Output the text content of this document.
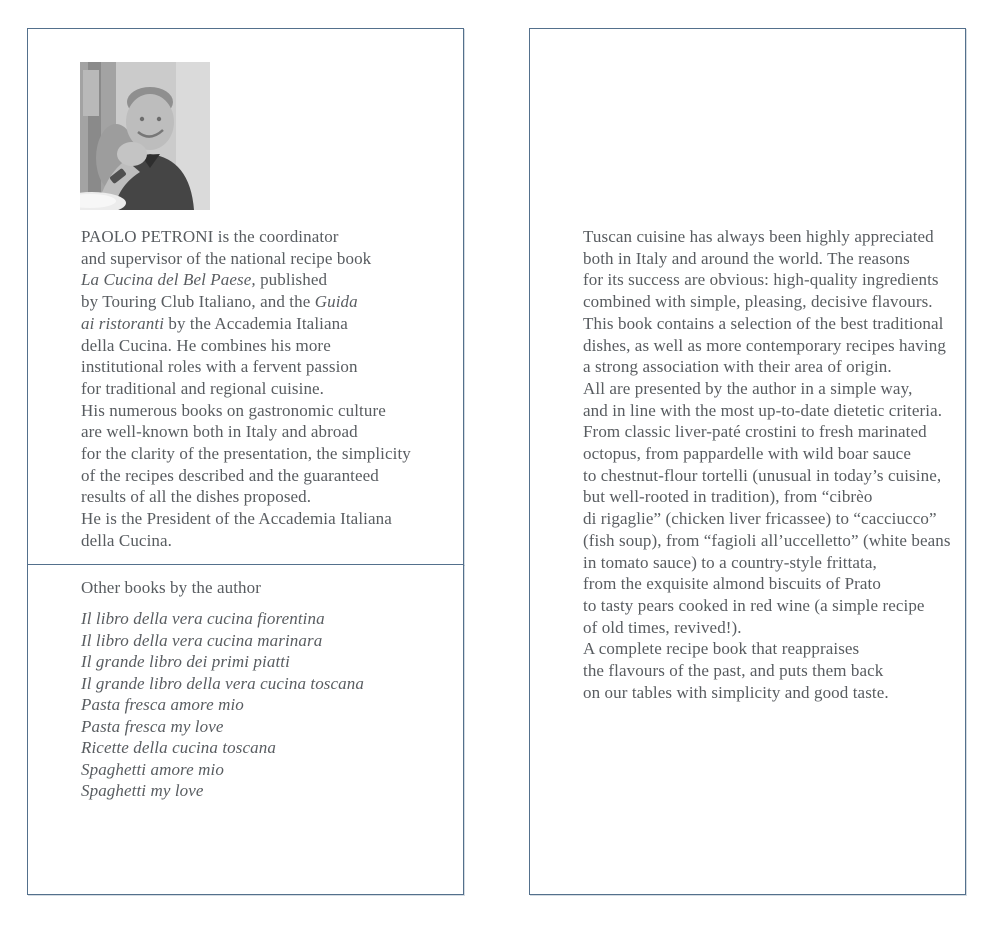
PAOLO PETRONI is the coordinator
and supervisor of the national recipe book
La Cucina del Bel Paese, published
by Touring Club Italiano, and the Guida
ai ristoranti by the Accademia Italiana
della Cucina. He combines his more
institutional roles with a fervent passion
for traditional and regional cuisine.
His numerous books on gastronomic culture
are well-known both in Italy and abroad
for the clarity of the presentation, the simplicity
of the recipes described and the guaranteed
results of all the dishes proposed.
He is the President of the Accademia Italiana
della Cucina.
Other books by the author
Il libro della vera cucina fiorentina
Il libro della vera cucina marinara
Il grande libro dei primi piatti
Il grande libro della vera cucina toscana
Pasta fresca amore mio
Pasta fresca my love
Ricette della cucina toscana
Spaghetti amore mio
Spaghetti my love
Tuscan cuisine has always been highly appreciated
both in Italy and around the world. The reasons
for its success are obvious: high-quality ingredients
combined with simple, pleasing, decisive flavours.
This book contains a selection of the best traditional
dishes, as well as more contemporary recipes having
a strong association with their area of origin.
All are presented by the author in a simple way,
and in line with the most up-to-date dietetic criteria.
From classic liver-paté crostini to fresh marinated
octopus, from pappardelle with wild boar sauce
to chestnut-flour tortelli (unusual in today’s cuisine,
but well-rooted in tradition), from “cibrèo
di rigaglie” (chicken liver fricassee) to “cacciucco”
(fish soup), from “fagioli all’uccelletto” (white beans
in tomato sauce) to a country-style frittata,
from the exquisite almond biscuits of Prato
to tasty pears cooked in red wine (a simple recipe
of old times, revived!).
A complete recipe book that reappraises
the flavours of the past, and puts them back
on our tables with simplicity and good taste.
